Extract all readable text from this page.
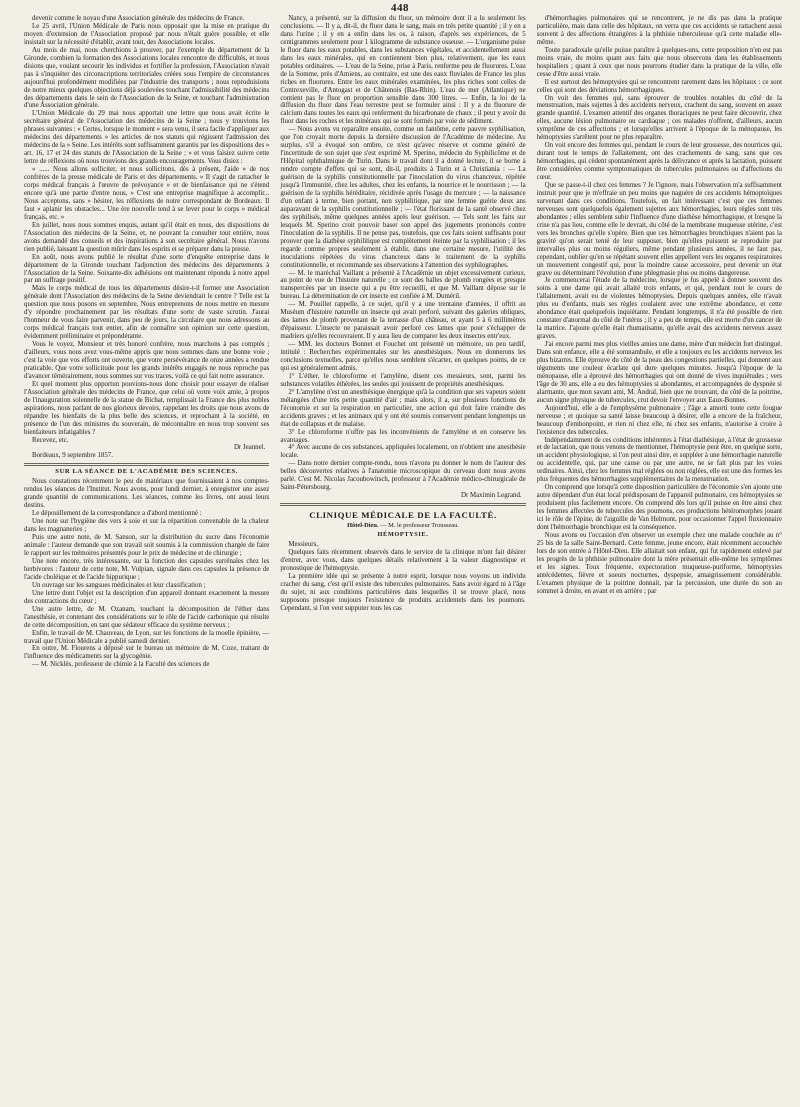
448

devenir comme le noyau d'une Association générale des médecins de France.

Le 25 avril, l'Union Médicale de Paris nous opposait que la mise en pratique du moyen d'extension de l'Association proposé par nous n'était guère possible, et elle insistait sur la nécessité d'établir, avant tout, des Associations locales.

Au mois de mai, nous cherchions à prouver, par l'exemple du département de la Gironde, combien la formation des Associations locales rencontre de difficultés, et nous disions que, voulant secourir les individus et fortifier la profession, l'Association n'avait pas à s'inquiéter des circonscriptions territoriales créées sous l'empire de circonstances aujourd'hui profondément modifiées par l'industrie des transports ; nous reproduisions de notre mieux quelques objections déjà soulevées touchant l'admissibilité des médecins des départements dans le sein de l'Association de la Seine, et touchant l'administration d'une Association générale.

L'Union Médicale du 29 mai nous apportait une lettre que nous avait écrite le secrétaire général de l'Association des médecins de la Seine ; nous y trouvions les phrases suivantes : « Certes, lorsque le moment » sera venu, il sera facile d'appliquer aux médecins des départements » les articles de nos statuts qui régissent l'admission des médecins de la » Seine. Les intérêts sont suffisamment garantis par les dispositions des » art. 16, 17 et 24 des statuts de l'Association de la Seine ; » et vous faisiez suivre cette lettre de réflexions où nous trouvions des grands encouragements. Vous disiez :

« ...... Nous allons solliciter, et nous sollicitons, dès à présent, l'aide » de nos confrères de la presse médicale de Paris et des départements. » Il s'agit de rattacher le corps médical français à l'œuvre de prévoyance » et de bienfaisance qui ne s'étend encore qu'à une partie d'entre nous, » C'est une entreprise magnifique à accomplir... Nous acceptons, sans » hésiter, les réflexions de notre correspondant de Bordeaux. Il faut » aplanir les obstacles... Une ère nouvelle tend à se lever pour le corps » médical français, etc. »

En juillet, nous nous sommes enquis, autant qu'il était en nous, des dispositions de l'Association des médecins de la Seine, et, ne pouvant la consulter tout entière, nous avons demandé des conseils et des inspirations à son secrétaire général. Nous n'avons rien publié, laissant la question mûrir dans les esprits et se préparer dans la presse.

En août, nous avons publié le résultat d'une sorte d'enquête entreprise dans le département de la Gironde touchant l'adjonction des médecins des départements à l'Association de la Seine. Soixante-dix adhésions ont maintenant répondu à notre appel par un suffrage positif.

Mais le corps médical de tous les départements désire-t-il former une Association générale dont l'Association des médecins de la Seine deviendrait le centre ? Telle est la question que nous posons en septembre. Nous entreprenons de nous mettre en mesure d'y répondre prochainement par les résultats d'une sorte de vaste scrutin. J'aurai l'honneur de vous faire parvenir, dans peu de jours, la circulaire que nous adressons au corps médical français tout entier, afin de connaître son opinion sur cette question, évidemment préliminaire et prépondérante.

Vous le voyez, Monsieur et très honoré confrère, nous marchons à pas comptés ; d'ailleurs, vous nous avez vous-même appris que nous sommes dans une bonne voie ; c'est la voie que vos efforts ont ouverte, que votre persévérance de onze années a rendue praticable. Que votre sollicitude pour les grands intérêts engagés ne nous reproche pas d'avancer témérairement, nous sommes sur vos traces, voilà ce qui fait notre assurance.

Et quel moment plus opportun pouvions-nous donc choisir pour essayer de réaliser l'Association générale des médecins de France, que celui où votre voix amie, à propos de l'inauguration solennelle de la statue de Bichat, remplissait la France des plus nobles aspirations, nous parlant de nos glorieux devoirs, rappelant les droits que nous avons de répandre les bienfaits de la plus belle des sciences, et reprochant à la société, en présence de l'un des ministres du souverain, de méconnaître en nous trop souvent ses bienfaiteurs infatigables ?

Recevez, etc.

Dr Jeannel.
Bordeaux, 9 septembre 1857.
SUR LA SÉANCE DE L'ACADÉMIE DES SCIENCES.

Nous constations récemment le peu de matériaux que fournissaient à nos comptes-rendus les séances de l'Institut. Nous avons, pour lundi dernier, à enregistrer une assez grande quantité de communications. Les séances, comme les livres, ont aussi leurs destins.

Le dépouillement de la correspondance a d'abord mentionné :

Une note sur l'hygiène des vers à soie et sur la répartition convenable de la chaleur dans les magnaneries ;

Puis une autre note, de M. Sanson, sur la distribution du sucre dans l'économie animale : l'auteur demande que son travail soit soumis à la commission chargée de faire le rapport sur les mémoires présentés pour le prix de médecine et de chirurgie ;

Une note encore, très intéressante, sur la fonction des capsules surrénales chez les herbivores : l'auteur de cette note, M. Vulpian, signale dans ces capsules la présence de l'acide choléique et de l'acide hippurique ;

Un ouvrage sur les sangsues médicinales et leur classification ;

Une lettre dont l'objet est la description d'un appareil donnant exactement la mesure des contractions du cœur ;

Une autre lettre, de M. Ozanam, touchant la décomposition de l'éther dans l'anesthésie, et contenant des considérations sur le rôle de l'acide carbonique qui résulte de cette décomposition, en tant que sédateur efficace du système nerveux ;

Enfin, le travail de M. Chauveau, de Lyon, sur les fonctions de la moelle épinière, — travail que l'Union Médicale a publié samedi dernier.

En outre, M. Flourens a déposé sur le bureau un mémoire de M. Coze, traitant de l'influence des médicaments sur la glycogénie.

— M. Nicklès, professeur de chimie à la Faculté des sciences de

Nancy, a présenté, sur la diffusion du fluor, un mémoire dont il a lu seulement les conclusions. — Il y a, dit-il, du fluor dans le sang, mais en très petite quantité ; il y en a dans l'urine ; il y en a enfin dans les os, à raison, d'après ses expériences, de 5 centigrammes seulement pour 1 kilogramme de substance osseuse. — L'organisme puise le fluor dans les eaux potables, dans les substances végétales, et accidentellement aussi dans les eaux minérales, qui en contiennent bien plus, relativement, que les eaux potables ordinaires. — L'eau de la Seine, prise à Paris, renferme peu de fluorures. L'eau de la Somme, près d'Amiens, au contraire, est une des eaux fluviales de France les plus riches en fluorures. Entre les eaux minérales examinées, les plus riches sont celles de Contrexeville, d'Antogast et de Châtenois (Bas-Rhin). L'eau de mer (Atlantique) ne contient pas le fluor en proportion sensible dans 300 litres. — Enfin, la loi de la diffusion du fluor dans l'eau terrestre peut se formuler ainsi : Il y a du fluorure de calcium dans toutes les eaux qui renferment du bicarbonate de chaux ; il peut y avoir du fluor dans les roches et les minéraux qui se sont formés par voie de sédiment.

— Nous avons vu reparaître ensuite, comme un fantôme, cette pauvre syphilisation, que l'on croyait morte depuis la dernière discussion de l'Académie de médecine. Au surplus, s'il a évoqué son ombre, ce n'est qu'avec réserve et comme généré de l'incertitude de son sujet que s'est exprimé M. Sperino, médecin du Syphilicôme et de l'Hôpital ophthalmique de Turin. Dans le travail dont il a donné lecture, il se borne à rendre compte d'effets qui se sont, dit-il, produits à Turin et à Christiania : — La guérison de la syphilis constitutionnelle par l'inoculation du virus chancreux, répétée jusqu'à l'immunité, chez les adultes, chez les enfants, la nourrice et le nourrisson ; — la guérison de la syphilis héréditaire, récidivée après l'usage du mercure ; — la naissance d'un enfant à terme, bien portant, non syphilitique, par une femme guérie deux ans auparavant de la syphilis constitutionnelle ; — l'état florissant de la santé observé chez des syphilisés, même quelques années après leur guérison. — Tels sont les faits sur lesquels M. Sperino croit pouvoir baser son appel des jugements prononcés contre l'inoculation de la syphilis. Il ne pense pas, toutefois, que ces faits soient suffisants pour prouver que la diathèse syphilitique est complètement éteinte par la syphilisation ; il les regarde comme propres seulement à établir, dans une certaine mesure, l'utilité des inoculations répétées du virus chancreux dans le traitement de la syphilis constitutionnelle, et recommande ses observations à l'attention des syphilographes.

— M. le maréchal Vaillant a présenté à l'Académie un objet excessivement curieux, au point de vue de l'histoire naturelle ; ce sont des balles de plomb rongées et presque transpercées par un insecte qui a pu être recueilli, et que M. Vaillant dépose sur le bureau. La détermination de cet insecte est confiée à M. Duméril.

— M. Pouillet rappelle, à ce sujet, qu'il y a une trentaine d'années, il offrit au Muséum d'histoire naturelle un insecte qui avait perforé, suivant des galeries obliques, des lames de plomb provenant de la terrasse d'un château, et ayant 5 à 6 millimètres d'épaisseur. L'insecte ne paraissait avoir perforé ces lames que pour s'échapper de madriers qu'elles recouvraient. Il y aura lieu de comparer les deux insectes entr'eux.

— MM. les docteurs Bonnet et Fouchet ont présenté un mémoire, un peu tardif, intitulé : Recherches expérimentales sur les anesthésiques. Nous en donnerons les conclusions textuelles, parce qu'elles nous semblent s'écarter, en quelques points, de ce qui est généralement admis.

1° L'éther, le chloroforme et l'amylène, disent ces messieurs, sont, parmi les substances volatiles éthérées, les seules qui jouissent de propriétés anesthésiques.

2° L'amylène n'est un anesthésique énergique qu'à la condition que ses vapeurs soient mélangées d'une très petite quantité d'air ; mais alors, il a, sur plusieurs fonctions de l'économie et sur la respiration en particulier, une action qui doit faire craindre des accidents graves ; et les animaux qui y ont été soumis conservent pendant longtemps un état de collapsus et de malaise.

3° Le chloroforme n'offre pas les inconvénients de l'amylène et en conserve les avantages.

4° Avec aucune de ces substances, appliquées localement, on n'obtient une anesthésie locale.

— Dans notre dernier compte-rendu, nous n'avons pu donner le nom de l'auteur des belles découvertes relatives à l'anatomie microscopique du cerveau dont nous avons parlé. C'est M. Nicolas Jacoubowitsch, professeur à l'Académie médico-chirurgicale de Saint-Pétersbourg.

Dr Maximin Legrand.
CLINIQUE MÉDICALE DE LA FACULTÉ.
Hôtel-Dieu. — M. le professeur Trousseau.
HÉMOPTYSIE.
Messieurs,

Quelques faits récemment observés dans le service de la clinique m'ont fait désirer d'entrer, avec vous, dans quelques détails relativement à la valeur diagnostique et pronostique de l'hémoptysie.

La première idée qui se présente à notre esprit, lorsque nous voyons un individu cracher du sang, c'est qu'il existe des tubercules pulmonaires. Sans avoir égard ni à l'âge du sujet, ni aux conditions particulières dans lesquelles il se trouve placé, nous supposons presque toujours l'existence de produits accidentels dans les poumons. Cependant, si l'on veut supputer tous les cas

d'hémorrhagies pulmonaires qui se rencontrent, je ne dis pas dans la pratique particulière, mais dans celle des hôpitaux, on verra que ces accidents se rattachent aussi souvent à des affections étrangères à la phthisie tuberculeuse qu'à cette maladie elle-même.

Toute paradoxale qu'elle puisse paraître à quelques-uns, cette proposition n'en est pas moins vraie, du moins quant aux faits que nous observons dans les établissements hospitaliers ; quant à ceux que nous pourrons étudier dans la pratique de la ville, elle cesse d'être aussi vraie.

Il est surtout des hémoptysies qui se rencontrent rarement dans les hôpitaux : ce sont celles qui sont des déviations hémorrhagiques.

On voit des femmes qui, sans éprouver de troubles notables du côté de la menstruation, mais sujettes à des accidents nerveux, crachent du sang, souvent en assez grande quantité. L'examen attentif des organes thoraciques ne peut faire découvrir, chez elles, aucune lésion pulmonaire ou cardiaque ; ces malades n'offrent, d'ailleurs, aucun symptôme de ces affections ; et lorsqu'elles arrivent à l'époque de la ménopause, les hémoptysies s'arrêtent pour ne plus reparaître.

On voit encore des femmes qui, pendant le cours de leur grossesse, des nourrices qui, durant tout le temps de l'allaitement, ont des crachements de sang, sans que ces hémorrhagies, qui cèdent spontanément après la délivrance et après la lactation, puissent être considérées comme symptomatiques de tubercules pulmonaires ou d'affections du cœur.

Que se passe-t-il chez ces femmes ? Je l'ignore, mais l'observation m'a suffisamment instruit pour que je m'effraie un peu moins que naguère de ces accidents hémoptoïques survenant dans ces conditions. Toutefois, un fait intéressant c'est que ces femmes nerveuses sont quelquefois également sujettes aux hémorrhagies, leurs règles sont très abondantes ; elles semblent subir l'influence d'une diathèse hémorrhagique, et lorsque la crise n'a pas lieu, comme elle le devrait, du côté de la membrane muqueuse utérine, c'est vers les bronches qu'elle s'opère. Bien que ces hémorrhagies bronchiques n'aient pas la gravité qu'on serait tenté de leur supposer, bien qu'elles puissent se reproduire par intervalles plus ou moins réguliers, même pendant plusieurs années, il ne faut pas, cependant, oublier qu'en se répétant souvent elles appellent vers les organes respiratoires un mouvement congestif qui, pour la moindre cause accessoire, peut devenir un état grave ou déterminant l'évolution d'une phlegmasie plus ou moins dangereuse.

Je commencerai l'étude de la médecine, lorsque je fus appelé à donner souvent des soins à une dame qui avait allaité trois enfants, et qui, pendant tout le cours de l'allaitement, avait eu de violentes hémoptysies. Depuis quelques années, elle n'avait plus eu d'enfants, mais ses règles coulaient avec une extrême abondance, et cette abondance était quelquefois inquiétante. Pendant longtemps, il n'a été possible de rien constater d'anormal du côté de l'utérus ; il y a peu de temps, elle est morte d'un cancer de la matrice. J'ajoute qu'elle était rhumatisante, qu'elle avait des accidents nerveux assez graves.

J'ai encore parmi mes plus vieilles amies une dame, mère d'un médecin fort distingué. Dans son enfance, elle a été somnambule, et elle a toujours eu les accidents nerveux les plus bizarres. Elle éprouve du côté de la peau des congestions partielles, qui donnent aux téguments une couleur écarlate qui dure quelques minutes. Jusqu'à l'époque de la ménopause, elle a éprouvé des hémorrhagies qui ont donné de vives inquiétudes ; vers l'âge de 30 ans, elle a eu des hémoptysies si abondantes, et accompagnées de dyspnée si alarmante, que mon savant ami, M. Andral, bien que ne trouvant, du côté de la poitrine, aucun signe physique de tubercules, crut devoir l'envoyer aux Eaux-Bonnes.

Aujourd'hui, elle a de l'emphysème pulmonaire ; l'âge a amorti toute cette fougue nerveuse ; et quoique sa santé laisse beaucoup à désirer, elle a encore de la fraîcheur, beaucoup d'embonpoint, et rien ni chez elle, ni chez ses enfants, n'autorise à croire à l'existence des tubercules.

Indépendamment de ces conditions inhérentes à l'état diathésique, à l'état de grossesse et de lactation, que nous venons de mentionner, l'hémoptysie peut être, en quelque sorte, un accident physiologique, si l'on peut ainsi dire, et suppléer à une hémorrhagie naturelle ou accidentelle, qui, par une cause ou par une autre, ne se fait plus par les voies ordinaires. Ainsi, chez les femmes mal réglées ou non réglées, elle est une des formes les plus fréquentes des hémorrhagies supplémentaires de la menstruation.

On comprend que lorsqu'à cette disposition particulière de l'économie s'en ajoute une autre dépendant d'un état local prédisposant de l'appareil pulmonaire, ces hémoptysies se produisent plus facilement encore. On comprend dès lors qu'il puisse en être ainsi chez les femmes affectées de tubercules des poumons, ces productions hétéromorphes jouant ici le rôle de l'épine, de l'aiguille de Van Helmont, pour occasionner l'appel fluxionnaire dont l'hémorrhagie bronchique est la conséquence.

Nous avons eu l'occasion d'en observer un exemple chez une malade couchée au n° 25 bis de la salle Saint-Bernard. Cette femme, jeune encore, était récemment accouchée lors de son entrée à l'Hôtel-Dieu. Elle allaitait son enfant, qui fut rapidement enlevé par les progrès de la phthisie pulmonaire dont la mère présentait elle-même les symptômes et les signes. Toux fréquente, expectoration muqueuse-puriforme, hémoptysies antécédentes, fièvre et sueurs nocturnes, dyspepsie, amaigrissement considérable. L'examen physique de la poitrine donnait, par la percussion, une durée du son au sommet à droite, en avant et en arrière ; par
